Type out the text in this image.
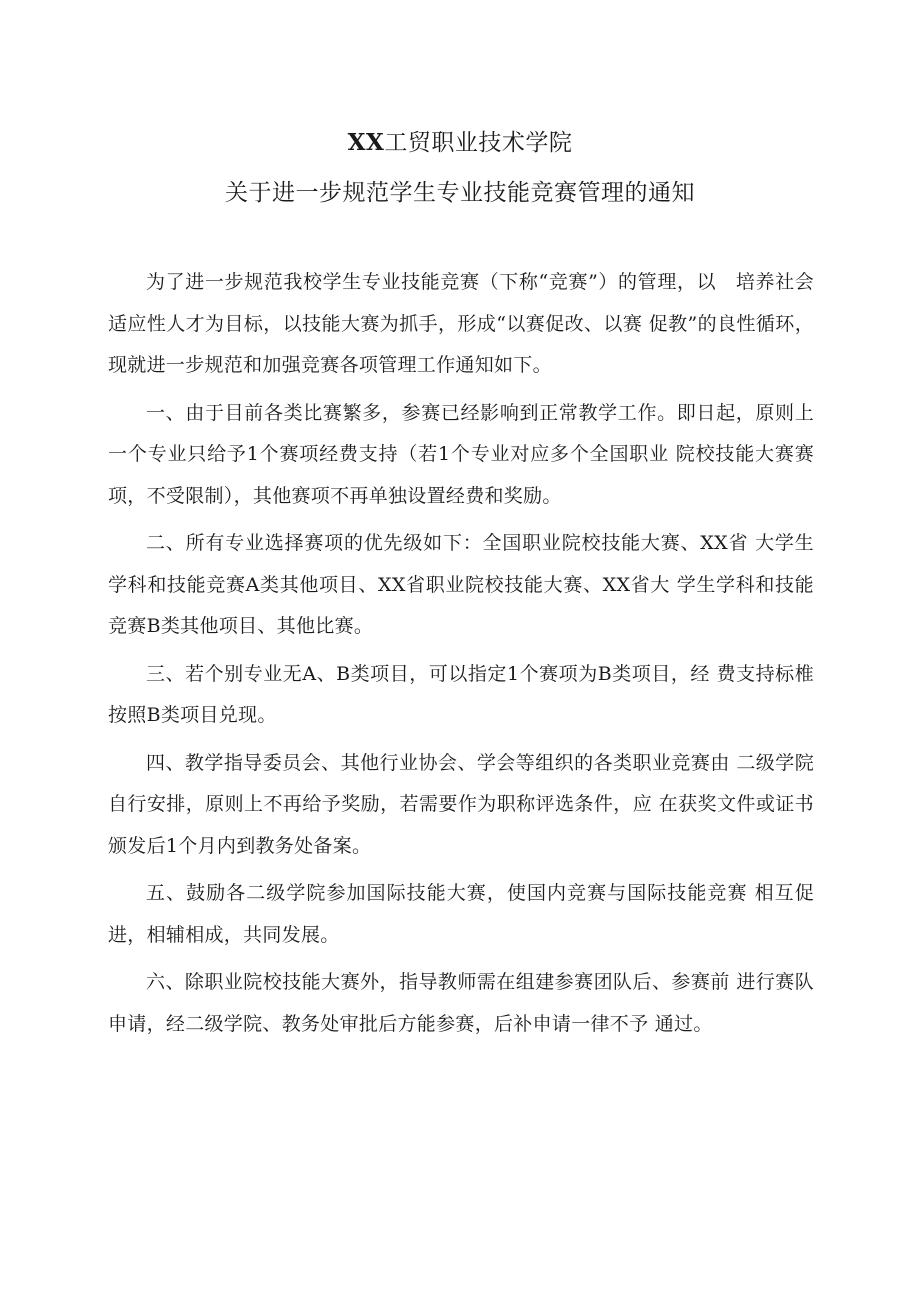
XX工贸职业技术学院
关于进一步规范学生专业技能竞赛管理的通知

为了进一步规范我校学生专业技能竞赛（下称“竞赛”）的管理，以　培养社会适应性人才为目标，以技能大赛为抓手，形成“以赛促改、以赛 促教”的良性循环，现就进一步规范和加强竞赛各项管理工作通知如下。

一、由于目前各类比赛繁多，参赛已经影响到正常教学工作。即日起，原则上一个专业只给予1个赛项经费支持（若1个专业对应多个全国职业 院校技能大赛赛项，不受限制），其他赛项不再单独设置经费和奖励。

二、所有专业选择赛项的优先级如下：全国职业院校技能大赛、XX省 大学生学科和技能竞赛A类其他项目、XX省职业院校技能大赛、XX省大 学生学科和技能竞赛B类其他项目、其他比赛。

三、若个别专业无A、B类项目，可以指定1个赛项为B类项目，经 费支持标椎按照B类项目兑现。

四、教学指导委员会、其他行业协会、学会等组织的各类职业竞赛由 二级学院自行安排，原则上不再给予奖励，若需要作为职称评选条件，应 在获奖文件或证书颁发后1个月内到教务处备案。

五、鼓励各二级学院参加国际技能大赛，使国内竞赛与国际技能竞赛 相互促进，相辅相成，共同发展。

六、除职业院校技能大赛外，指导教师需在组建参赛团队后、参赛前 进行赛队申请，经二级学院、教务处审批后方能参赛，后补申请一律不予 通过。
